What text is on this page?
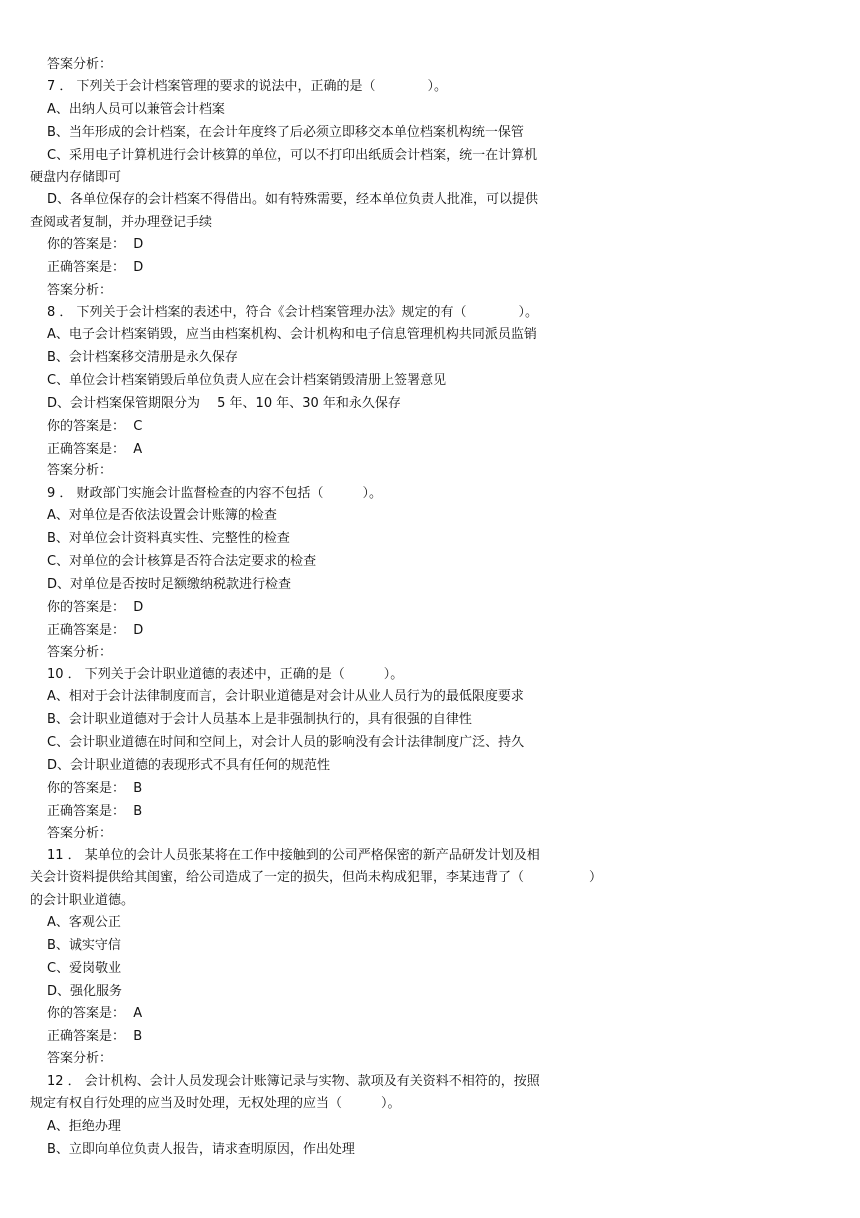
答案分析：
7 ． 下列关于会计档案管理的要求的说法中，正确的是（　　　　）。
A、出纳人员可以兼管会计档案
B、当年形成的会计档案，在会计年度终了后必须立即移交本单位档案机构统一保管
C、采用电子计算机进行会计核算的单位，可以不打印出纸质会计档案，统一在计算机
硬盘内存储即可
D、各单位保存的会计档案不得借出。如有特殊需要，经本单位负责人批准，可以提供
查阅或者复制，并办理登记手续
你的答案是：  D
正确答案是：  D
答案分析：
8 ． 下列关于会计档案的表述中，符合《会计档案管理办法》规定的有（　　　　）。
A、电子会计档案销毁，应当由档案机构、会计机构和电子信息管理机构共同派员监销
B、会计档案移交清册是永久保存
C、单位会计档案销毁后单位负责人应在会计档案销毁清册上签署意见
D、会计档案保管期限分为　 5 年、10 年、30 年和永久保存
你的答案是：  C
正确答案是：  A
答案分析：
9 ． 财政部门实施会计监督检查的内容不包括（　　　）。
A、对单位是否依法设置会计账簿的检查
B、对单位会计资料真实性、完整性的检查
C、对单位的会计核算是否符合法定要求的检查
D、对单位是否按时足额缴纳税款进行检查
你的答案是：  D
正确答案是：  D
答案分析：
10 ． 下列关于会计职业道德的表述中，正确的是（　　　）。
A、相对于会计法律制度而言，会计职业道德是对会计从业人员行为的最低限度要求
B、会计职业道德对于会计人员基本上是非强制执行的，具有很强的自律性
C、会计职业道德在时间和空间上，对会计人员的影响没有会计法律制度广泛、持久
D、会计职业道德的表现形式不具有任何的规范性
你的答案是：  B
正确答案是：  B
答案分析：
11 ． 某单位的会计人员张某将在工作中接触到的公司严格保密的新产品研发计划及相
关会计资料提供给其闺蜜，给公司造成了一定的损失，但尚未构成犯罪，李某违背了（　　　　　）
的会计职业道德。
A、客观公正
B、诚实守信
C、爱岗敬业
D、强化服务
你的答案是：  A
正确答案是：  B
答案分析：
12 ． 会计机构、会计人员发现会计账簿记录与实物、款项及有关资料不相符的，按照
规定有权自行处理的应当及时处理，无权处理的应当（　　　）。
A、拒绝办理
B、立即向单位负责人报告，请求查明原因，作出处理
